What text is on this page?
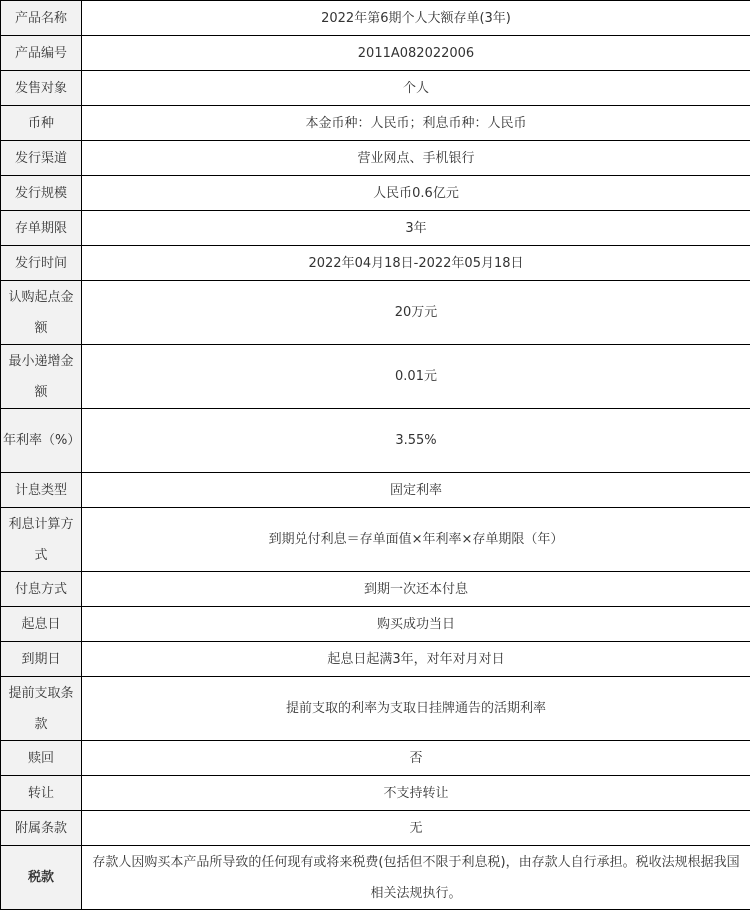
产品名称	2022年第6期个人大额存单(3年)
产品编号	2011A082022006
发售对象	个人
币种	本金币种：人民币；利息币种：人民币
发行渠道	营业网点、手机银行
发行规模	人民币0.6亿元
存单期限	3年
发行时间	2022年04月18日-2022年05月18日
认购起点金额	20万元
最小递增金额	0.01元
年利率（%）	3.55%
计息类型	固定利率
利息计算方式	到期兑付利息＝存单面值×年利率×存单期限（年）
付息方式	到期一次还本付息
起息日	购买成功当日
到期日	起息日起满3年，对年对月对日
提前支取条款	提前支取的利率为支取日挂牌通告的活期利率
赎回	否
转让	不支持转让
附属条款	无
税款	存款人因购买本产品所导致的任何现有或将来税费(包括但不限于利息税)，由存款人自行承担。税收法规根据我国相关法规执行。
